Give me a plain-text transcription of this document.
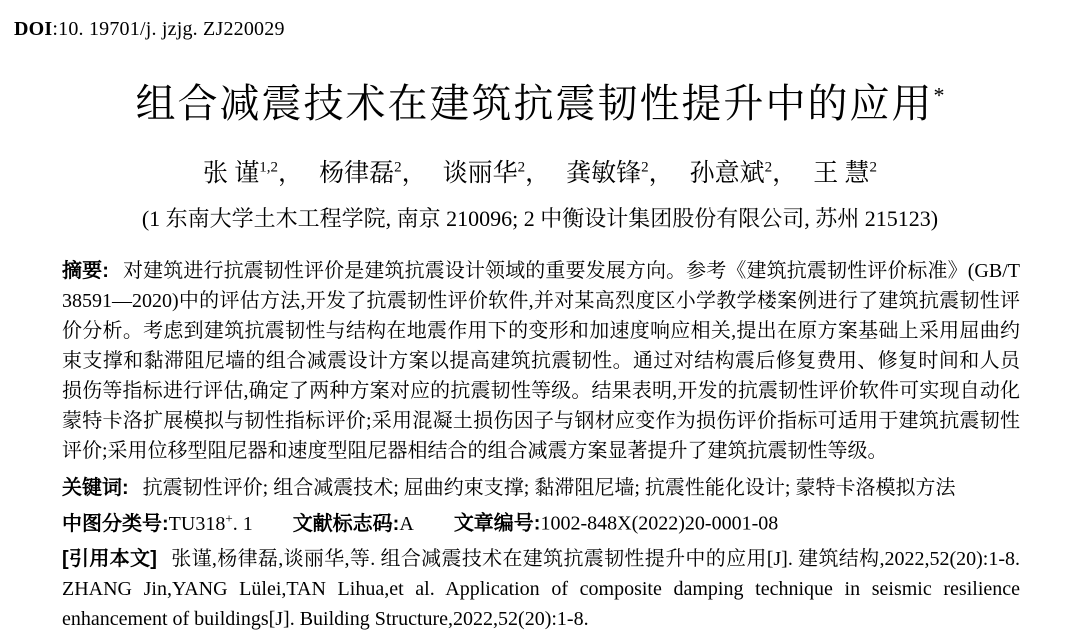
DOI:10. 19701/j. jzjg. ZJ220029
组合减震技术在建筑抗震韧性提升中的应用*
张 谨$^{1,2}$， 杨律磊$^2$， 谈丽华$^2$， 龚敏锋$^2$， 孙意斌$^2$， 王 慧$^2$
(1 东南大学土木工程学院, 南京 210096; 2 中衡设计集团股份有限公司, 苏州 215123)

摘要: 对建筑进行抗震韧性评价是建筑抗震设计领域的重要发展方向。参考《建筑抗震韧性评价标准》(GB/T 38591—2020)中的评估方法,开发了抗震韧性评价软件,并对某高烈度区小学教学楼案例进行了建筑抗震韧性评价分析。考虑到建筑抗震韧性与结构在地震作用下的变形和加速度响应相关,提出在原方案基础上采用屈曲约束支撑和黏滞阻尼墙的组合减震设计方案以提高建筑抗震韧性。通过对结构震后修复费用、修复时间和人员损伤等指标进行评估,确定了两种方案对应的抗震韧性等级。结果表明,开发的抗震韧性评价软件可实现自动化蒙特卡洛扩展模拟与韧性指标评价;采用混凝土损伤因子与钢材应变作为损伤评价指标可适用于建筑抗震韧性评价;采用位移型阻尼器和速度型阻尼器相结合的组合减震方案显著提升了建筑抗震韧性等级。

关键词: 抗震韧性评价; 组合减震技术; 屈曲约束支撑; 黏滞阻尼墙; 抗震性能化设计; 蒙特卡洛模拟方法

中图分类号:TU318+. 1 文献标志码:A 文章编号:1002-848X(2022)20-0001-08

[引用本文] 张谨,杨律磊,谈丽华,等. 组合减震技术在建筑抗震韧性提升中的应用[J]. 建筑结构,2022,52(20):1-8. ZHANG Jin,YANG Lülei,TAN Lihua,et al. Application of composite damping technique in seismic resilience enhancement of buildings[J]. Building Structure,2022,52(20):1-8.
